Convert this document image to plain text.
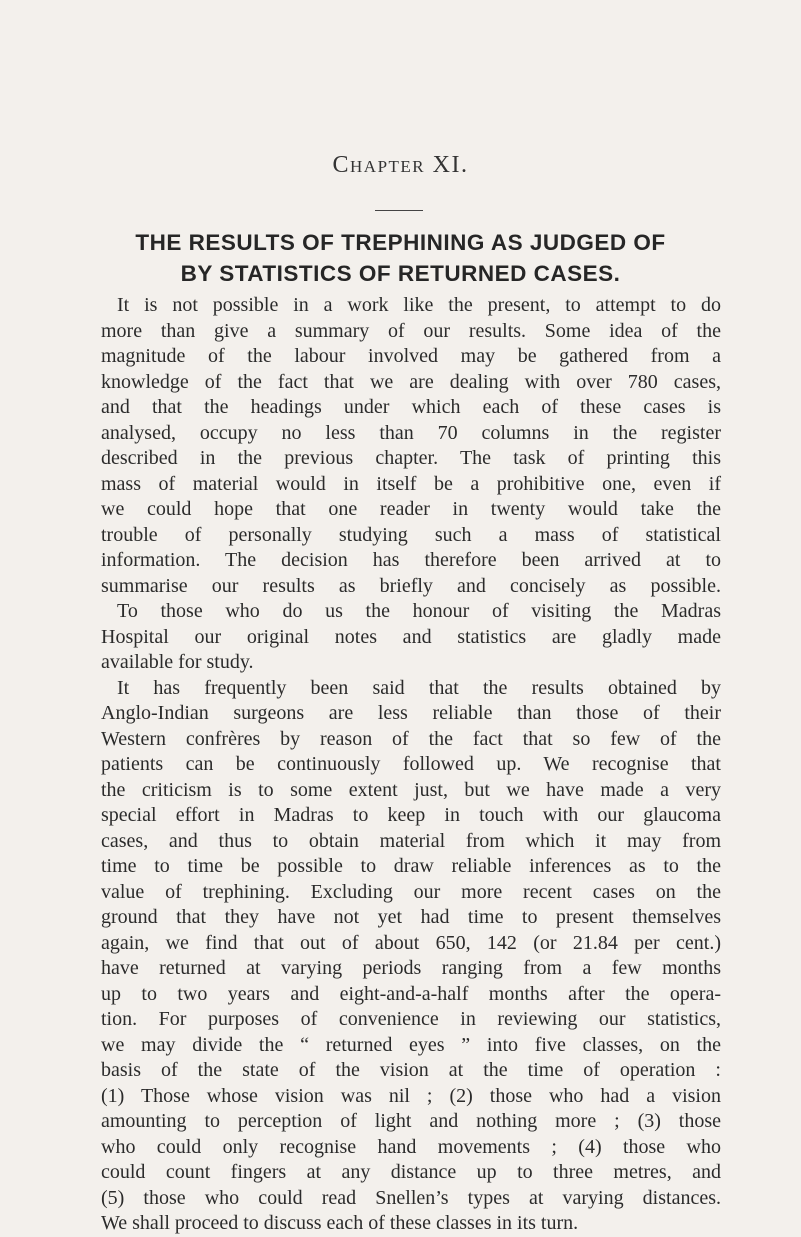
Chapter XI.
THE RESULTS OF TREPHINING AS JUDGED OF
BY STATISTICS OF RETURNED CASES.
It is not possible in a work like the present, to attempt to do
more than give a summary of our results. Some idea of the
magnitude of the labour involved may be gathered from a
knowledge of the fact that we are dealing with over 780 cases,
and that the headings under which each of these cases is
analysed, occupy no less than 70 columns in the register
described in the previous chapter. The task of printing this
mass of material would in itself be a prohibitive one, even if
we could hope that one reader in twenty would take the
trouble of personally studying such a mass of statistical
information. The decision has therefore been arrived at to
summarise our results as briefly and concisely as possible.
To those who do us the honour of visiting the Madras
Hospital our original notes and statistics are gladly made
available for study.
It has frequently been said that the results obtained by
Anglo-Indian surgeons are less reliable than those of their
Western confrères by reason of the fact that so few of the
patients can be continuously followed up. We recognise that
the criticism is to some extent just, but we have made a very
special effort in Madras to keep in touch with our glaucoma
cases, and thus to obtain material from which it may from
time to time be possible to draw reliable inferences as to the
value of trephining. Excluding our more recent cases on the
ground that they have not yet had time to present themselves
again, we find that out of about 650, 142 (or 21.84 per cent.)
have returned at varying periods ranging from a few months
up to two years and eight-and-a-half months after the opera-
tion. For purposes of convenience in reviewing our statistics,
we may divide the “ returned eyes ” into five classes, on the
basis of the state of the vision at the time of operation :
(1) Those whose vision was nil ; (2) those who had a vision
amounting to perception of light and nothing more ; (3) those
who could only recognise hand movements ; (4) those who
could count fingers at any distance up to three metres, and
(5) those who could read Snellen’s types at varying distances.
We shall proceed to discuss each of these classes in its turn.
